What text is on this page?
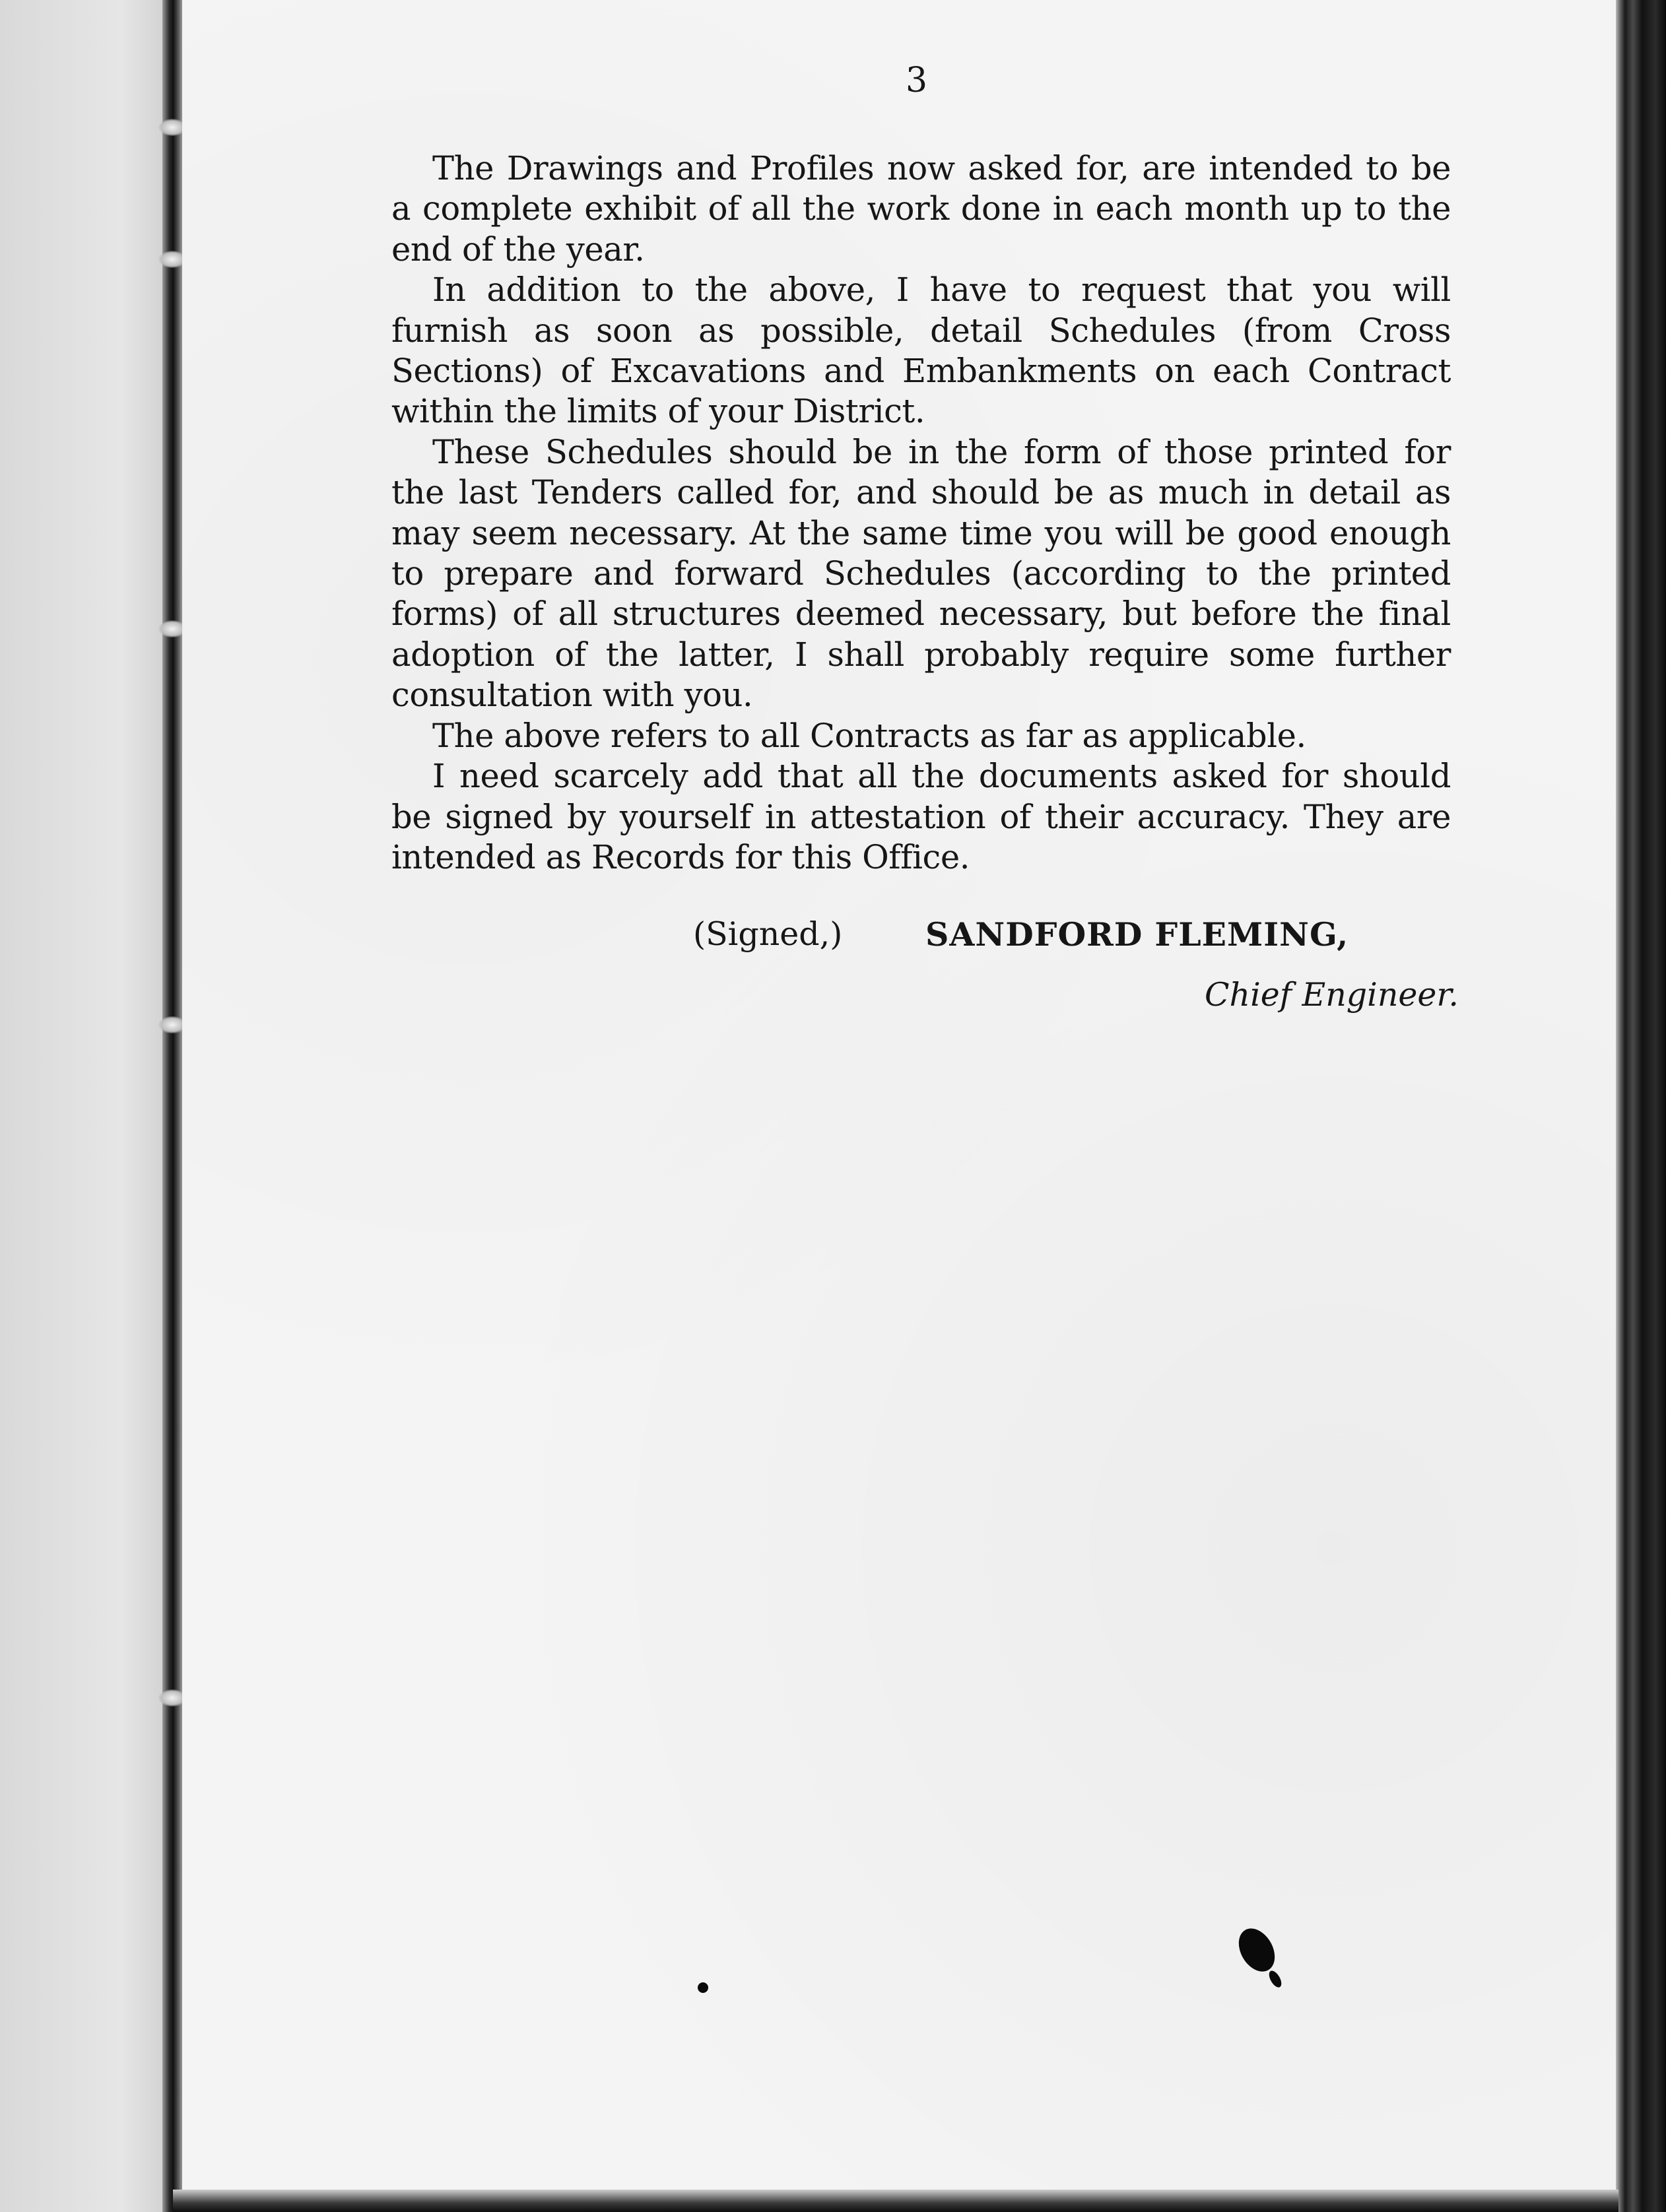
3

The Drawings and Profiles now asked for, are intended to be a complete exhibit of all the work done in each month up to the end of the year.

In addition to the above, I have to request that you will furnish as soon as possible, detail Schedules (from Cross Sections) of Excavations and Embankments on each Contract within the limits of your District.

These Schedules should be in the form of those printed for the last Tenders called for, and should be as much in detail as may seem necessary. At the same time you will be good enough to prepare and forward Schedules (according to the printed forms) of all structures deemed necessary, but before the final adoption of the latter, I shall probably require some further consultation with you.

The above refers to all Contracts as far as applicable.

I need scarcely add that all the documents asked for should be signed by yourself in attestation of their accuracy. They are intended as Records for this Office.

(Signed,)	SANDFORD FLEMING,
Chief Engineer.
